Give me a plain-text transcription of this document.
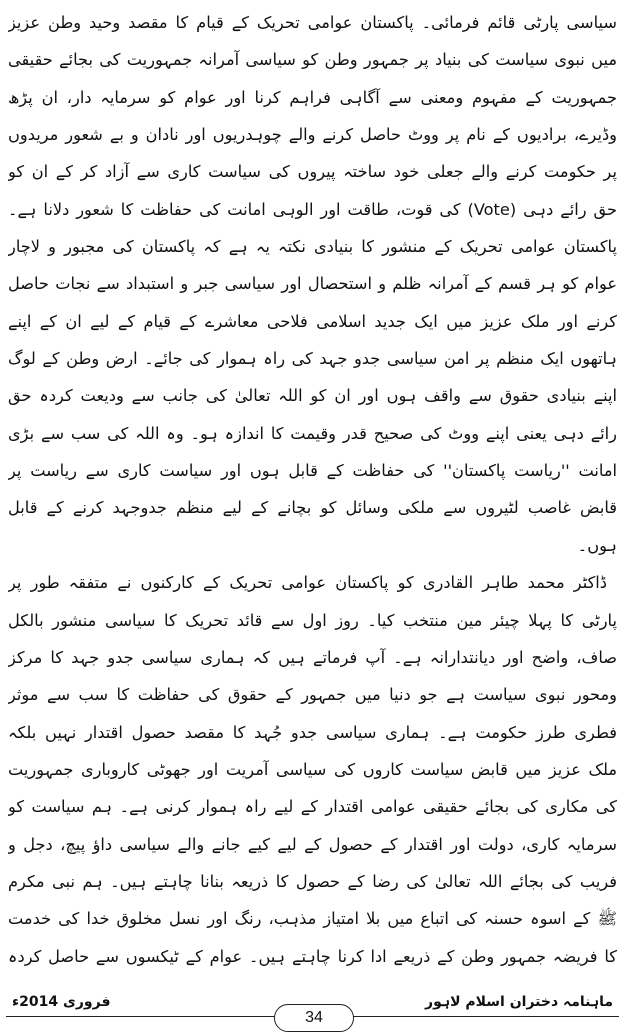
سیاسی پارٹی قائم فرمائی۔ پاکستان عوامی تحریک کے قیام کا مقصد وحید وطن عزیز میں نبوی سیاست کی بنیاد پر جمہور وطن کو سیاسی آمرانہ جمہوریت کی بجائے حقیقی جمہوریت کے مفہوم ومعنی سے آگاہی فراہم کرنا اور عوام کو سرمایہ دار، ان پڑھ وڈیرے، برادیوں کے نام پر ووٹ حاصل کرنے والے چوہدریوں اور نادان و بے شعور مریدوں پر حکومت کرنے والے جعلی خود ساختہ پیروں کی سیاست کاری سے آزاد کر کے ان کو حق رائے دہی (Vote) کی قوت، طاقت اور الوہی امانت کی حفاظت کا شعور دلانا ہے۔ پاکستان عوامی تحریک کے منشور کا بنیادی نکتہ یہ ہے کہ پاکستان کی مجبور و لاچار عوام کو ہر قسم کے آمرانہ ظلم و استحصال اور سیاسی جبر و استبداد سے نجات حاصل کرنے اور ملک عزیز میں ایک جدید اسلامی فلاحی معاشرے کے قیام کے لیے ان کے اپنے ہاتھوں ایک منظم پر امن سیاسی جدو جہد کی راہ ہموار کی جائے۔ ارض وطن کے لوگ اپنے بنیادی حقوق سے واقف ہوں اور ان کو اللہ تعالیٰ کی جانب سے ودیعت کردہ حق رائے دہی یعنی اپنے ووٹ کی صحیح قدر وقیمت کا اندازہ ہو۔ وہ اللہ کی سب سے بڑی امانت ''ریاست پاکستان'' کی حفاظت کے قابل ہوں اور سیاست کاری سے ریاست پر قابض غاصب لٹیروں سے ملکی وسائل کو بچانے کے لیے منظم جدوجہد کرنے کے قابل ہوں۔

ڈاکٹر محمد طاہر القادری کو پاکستان عوامی تحریک کے کارکنوں نے متفقہ طور پر پارٹی کا پہلا چیئر مین منتخب کیا۔ روز اول سے قائد تحریک کا سیاسی منشور بالکل صاف، واضح اور دیانتدارانہ ہے۔ آپ فرماتے ہیں کہ ہماری سیاسی جدو جہد کا مرکز ومحور نبوی سیاست ہے جو دنیا میں جمہور کے حقوق کی حفاظت کا سب سے موثر فطری طرز حکومت ہے۔ ہماری سیاسی جدو جُہد کا مقصد حصول اقتدار نہیں بلکہ ملک عزیز میں قابض سیاست کاروں کی سیاسی آمریت اور جھوٹی کاروباری جمہوریت کی مکاری کی بجائے حقیقی عوامی اقتدار کے لیے راہ ہموار کرنی ہے۔ ہم سیاست کو سرمایہ کاری، دولت اور اقتدار کے حصول کے لیے کیے جانے والے سیاسی داؤ پیچ، دجل و فریب کی بجائے اللہ تعالیٰ کی رضا کے حصول کا ذریعہ بنانا چاہتے ہیں۔ ہم نبی مکرم ﷺ کے اسوہ حسنہ کی اتباع میں بلا امتیاز مذہب، رنگ اور نسل مخلوق خدا کی خدمت کا فریضہ جمہور وطن کے ذریعے ادا کرنا چاہتے ہیں۔ عوام کے ٹیکسوں سے حاصل کردہ

فروری 2014ء
34
ماہنامہ دختران اسلام لاہور
